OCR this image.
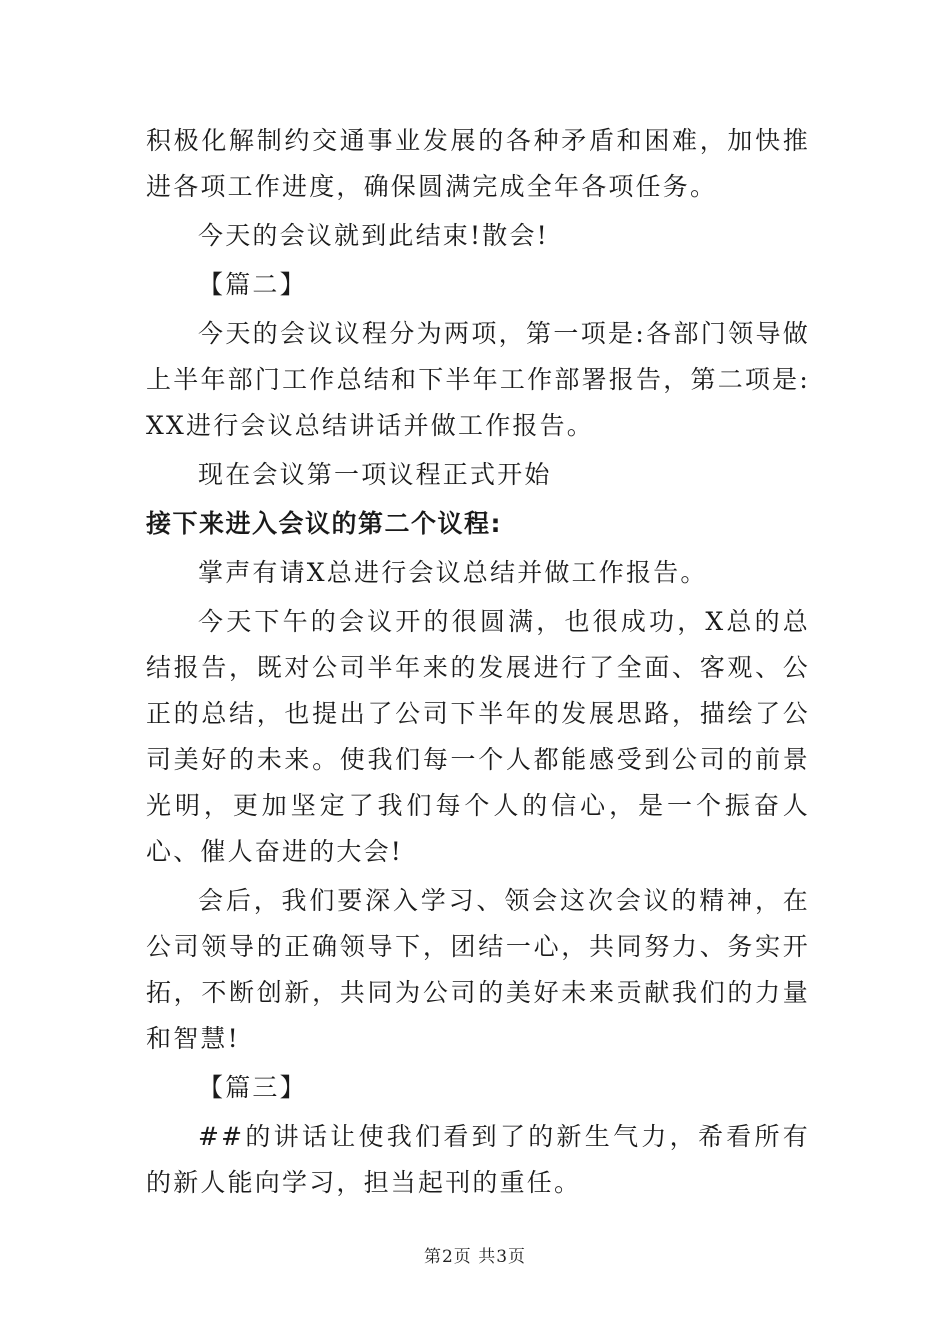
积极化解制约交通事业发展的各种矛盾和困难，加快推进各项工作进度，确保圆满完成全年各项任务。

今天的会议就到此结束!散会!

【篇二】

今天的会议议程分为两项，第一项是:各部门领导做上半年部门工作总结和下半年工作部署报告，第二项是:XX进行会议总结讲话并做工作报告。

现在会议第一项议程正式开始

接下来进入会议的第二个议程:

掌声有请X总进行会议总结并做工作报告。

今天下午的会议开的很圆满，也很成功，X总的总结报告，既对公司半年来的发展进行了全面、客观、公正的总结，也提出了公司下半年的发展思路，描绘了公司美好的未来。使我们每一个人都能感受到公司的前景光明，更加坚定了我们每个人的信心，是一个振奋人心、催人奋进的大会!

会后，我们要深入学习、领会这次会议的精神，在公司领导的正确领导下，团结一心，共同努力、务实开拓，不断创新，共同为公司的美好未来贡献我们的力量和智慧!

【篇三】

##的讲话让使我们看到了的新生气力，希看所有的新人能向学习，担当起刊的重任。

第2页 共3页
